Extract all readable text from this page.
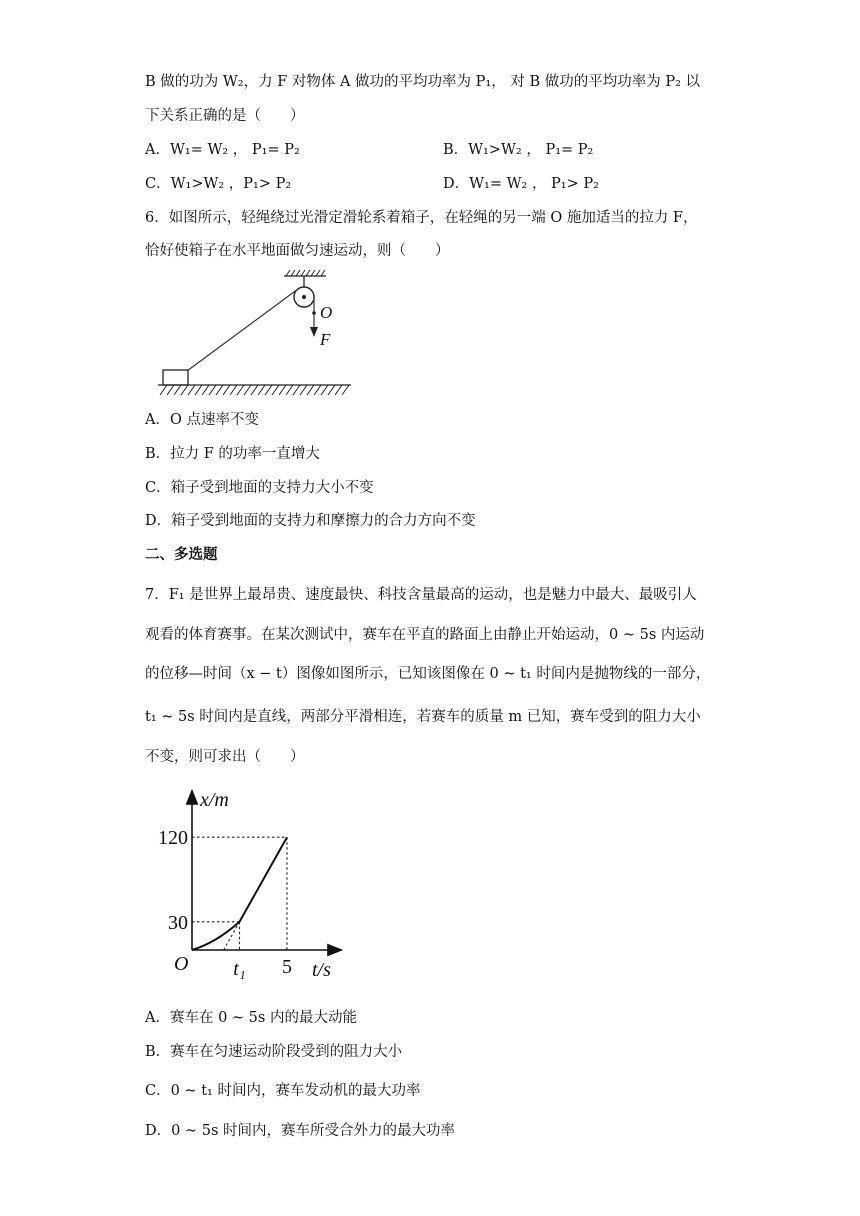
B 做的功为 W₂，力 F 对物体 A 做功的平均功率为 P₁， 对 B 做功的平均功率为 P₂ 以
下关系正确的是（　　）
A．W₁= W₂ ， P₁= P₂	B．W₁>W₂ ， P₁= P₂
C．W₁>W₂ ，P₁> P₂	D．W₁= W₂ ， P₁> P₂
6．如图所示，轻绳绕过光滑定滑轮系着箱子，在轻绳的另一端 O 施加适当的拉力 F，
恰好使箱子在水平地面做匀速运动，则（　　）
O
F
A．O 点速率不变
B．拉力 F 的功率一直增大
C．箱子受到地面的支持力大小不变
D．箱子受到地面的支持力和摩擦力的合力方向不变
二、多选题
7．F₁ 是世界上最昂贵、速度最快、科技含量最高的运动，也是魅力中最大、最吸引人
观看的体育赛事。在某次测试中，赛车在平直的路面上由静止开始运动，0 ~ 5s 内运动
的位移—时间（x − t）图像如图所示，已知该图像在 0 ~ t₁ 时间内是抛物线的一部分，
t₁ ~ 5s 时间内是直线，两部分平滑相连，若赛车的质量 m 已知，赛车受到的阻力大小
不变，则可求出（　　）
x/m
t/s
O
30
120
t₁ 5
A．赛车在 0 ~ 5s 内的最大动能
B．赛车在匀速运动阶段受到的阻力大小
C．0 ~ t₁ 时间内，赛车发动机的最大功率
D．0 ~ 5s 时间内，赛车所受合外力的最大功率
